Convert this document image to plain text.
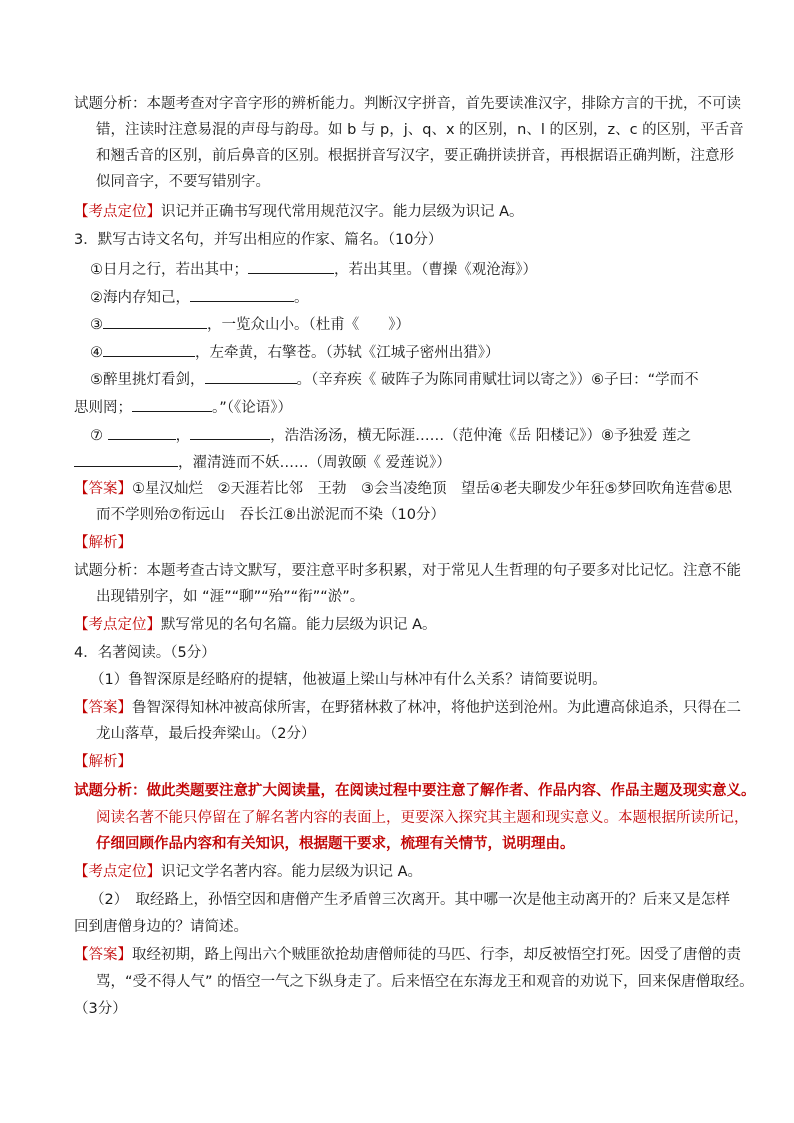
试题分析：本题考查对字音字形的辨析能力。判断汉字拼音，首先要读准汉字，排除方言的干扰，不可读
错，注读时注意易混的声母与韵母。如 b 与 p，j、q、x 的区别，n、l 的区别，z、c 的区别，平舌音
和翘舌音的区别，前后鼻音的区别。根据拼音写汉字，要正确拼读拼音，再根据语正确判断，注意形
似同音字，不要写错别字。
【考点定位】识记并正确书写现代常用规范汉字。能力层级为识记 A。
3．默写古诗文名句，并写出相应的作家、篇名。（10分）
①日月之行，若出其中；	，若出其里。（曹操《观沧海》）
②海内存知己，	。
③	，一览众山小。（杜甫《　　》）
④	，左牵黄，右擎苍。（苏轼《江城子密州出猎》）
⑤醉里挑灯看剑，	。（辛弃疾《 破阵子为陈同甫赋壮词以寄之》）⑥子曰：“学而不
思则罔；	。”（《论语》）
⑦	，	，浩浩汤汤，横无际涯……（范仲淹《岳 阳楼记》）⑧予独爱 莲之
，濯清涟而不妖……（周敦颐《 爱莲说》）
【答案】①星汉灿烂　②天涯若比邻　王勃　③会当凌绝顶　望岳④老夫聊发少年狂⑤梦回吹角连营⑥思
而不学则殆⑦衔远山　吞长江⑧出淤泥而不染（10分）
【解析】
试题分析：本题考查古诗文默写，要注意平时多积累，对于常见人生哲理的句子要多对比记忆。注意不能
出现错别字，如 “涯”“聊”“殆”“衔”“淤”。
【考点定位】默写常见的名句名篇。能力层级为识记 A。
4．名著阅读。（5分）
（1）鲁智深原是经略府的提辖，他被逼上梁山与林冲有什么关系？请简要说明。
【答案】鲁智深得知林冲被高俅所害，在野猪林救了林冲，将他护送到沧州。为此遭高俅追杀，只得在二
龙山落草，最后投奔梁山。（2分）
【解析】
试题分析：做此类题要注意扩大阅读量，在阅读过程中要注意了解作者、作品内容、作品主题及现实意义。
阅读名著不能只停留在了解名著内容的表面上，更要深入探究其主题和现实意义。本题根据所读所记，
仔细回顾作品内容和有关知识，根据题干要求，梳理有关情节，说明理由。
【考点定位】识记文学名著内容。能力层级为识记 A。
（2）　取经路上，孙悟空因和唐僧产生矛盾曾三次离开。其中哪一次是他主动离开的？后来又是怎样
回到唐僧身边的？请简述。
【答案】取经初期，路上闯出六个贼匪欲抢劫唐僧师徒的马匹、行李，却反被悟空打死。因受了唐僧的责
骂，“受不得人气” 的悟空一气之下纵身走了。后来悟空在东海龙王和观音的劝说下，回来保唐僧取经。
（3分）
